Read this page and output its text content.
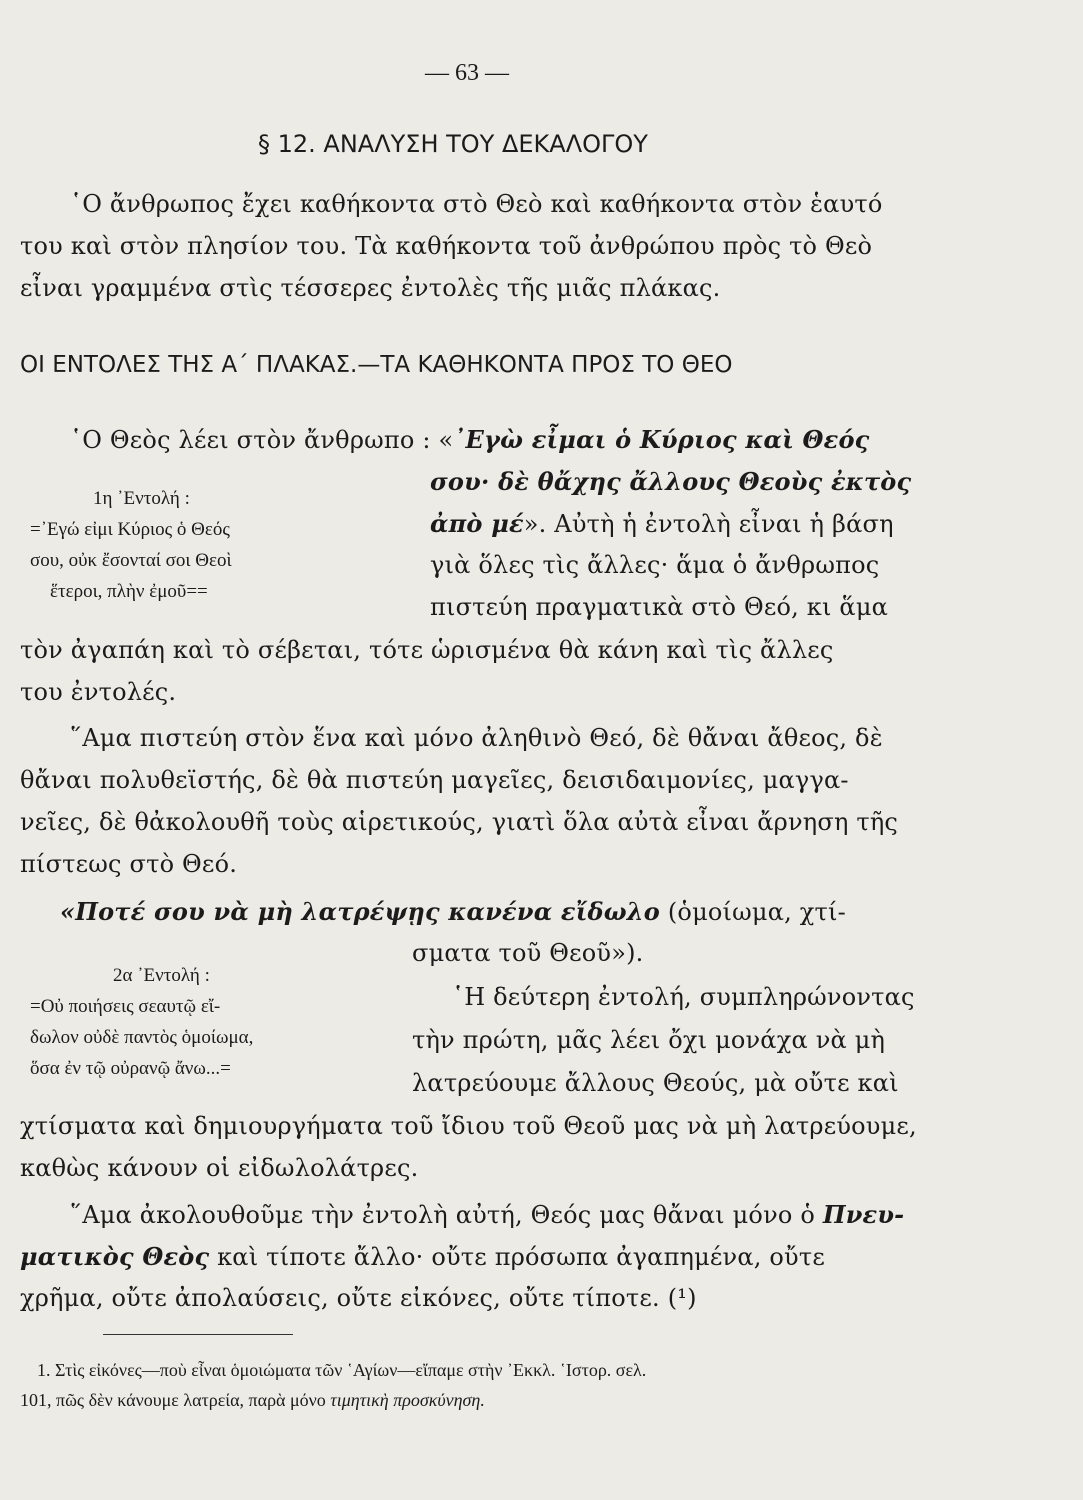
— 63 —
§ 12. ΑΝΑΛΥΣΗ ΤΟΥ ΔΕΚΑΛΟΓΟΥ
῾Ο ἄνθρωπος ἔχει καθήκοντα στὸ Θεὸ καὶ καθήκοντα στὸν ἑαυτό
του καὶ στὸν πλησίον του. Τὰ καθήκοντα τοῦ ἀνθρώπου πρὸς τὸ Θεὸ
εἶναι γραμμένα στὶς τέσσερες ἐντολὲς τῆς μιᾶς πλάκας.
ΟΙ ΕΝΤΟΛΕΣ ΤΗΣ Α΄ ΠΛΑΚΑΣ.—ΤΑ ΚΑΘΗΚΟΝΤΑ ΠΡΟΣ ΤΟ ΘΕΟ
῾Ο Θεὸς λέει στὸν ἄνθρωπο : «᾿Εγὼ εἶμαι ὁ Κύριος καὶ Θεός
σου· δὲ θἄχης ἄλλους Θεοὺς ἐκτὸς
ἀπὸ μέ». Αὐτὴ ἡ ἐντολὴ εἶναι ἡ βάση
γιὰ ὅλες τὶς ἄλλες· ἅμα ὁ ἄνθρωπος
πιστεύη πραγματικὰ στὸ Θεό, κι ἅμα
τὸν ἀγαπάη καὶ τὸ σέβεται, τότε ὡρισμένα θὰ κάνη καὶ τὶς ἄλλες
του ἐντολές.
1η ᾿Εντολή :
=᾿Εγώ εἰμι Κύριος ὁ Θεός
σου, οὐκ ἔσονταί σοι Θεοὶ
ἕτεροι, πλὴν ἐμοῦ==
῞Αμα πιστεύη στὸν ἕνα καὶ μόνο ἀληθινὸ Θεό, δὲ θἄναι ἄθεος, δὲ
θἄναι πολυθεϊστής, δὲ θὰ πιστεύη μαγεῖες, δεισιδαιμονίες, μαγγα-
νεῖες, δὲ θἀκολουθῆ τοὺς αἱρετικούς, γιατὶ ὅλα αὐτὰ εἶναι ἄρνηση τῆς
πίστεως στὸ Θεό.
«Ποτέ σου νὰ μὴ λατρέψῃς κανένα εἴδωλο (ὁμοίωμα, χτί-
σματα τοῦ Θεοῦ»).
῾Η δεύτερη ἐντολή, συμπληρώνοντας
τὴν πρώτη, μᾶς λέει ὄχι μονάχα νὰ μὴ
λατρεύουμε ἄλλους Θεούς, μὰ οὔτε καὶ
χτίσματα καὶ δημιουργήματα τοῦ ἴδιου τοῦ Θεοῦ μας νὰ μὴ λατρεύουμε,
καθὼς κάνουν οἱ εἰδωλολάτρες.
2α ᾿Εντολή :
=Οὐ ποιήσεις σεαυτῷ εἴ-
δωλον οὐδὲ παντὸς ὁμοίωμα,
ὅσα ἐν τῷ οὐρανῷ ἄνω...=
῞Αμα ἀκολουθοῦμε τὴν ἐντολὴ αὐτή, Θεός μας θἄναι μόνο ὁ Πνευ-
ματικὸς Θεὸς καὶ τίποτε ἄλλο· οὔτε πρόσωπα ἀγαπημένα, οὔτε
χρῆμα, οὔτε ἀπολαύσεις, οὔτε εἰκόνες, οὔτε τίποτε. (¹)
1. Στὶς εἰκόνες—ποὺ εἶναι ὁμοιώματα τῶν ῾Αγίων—εἴπαμε στὴν ᾿Εκκλ. ῾Ιστορ. σελ.
101, πῶς δὲν κάνουμε λατρεία, παρὰ μόνο τιμητικὴ προσκύνηση.
